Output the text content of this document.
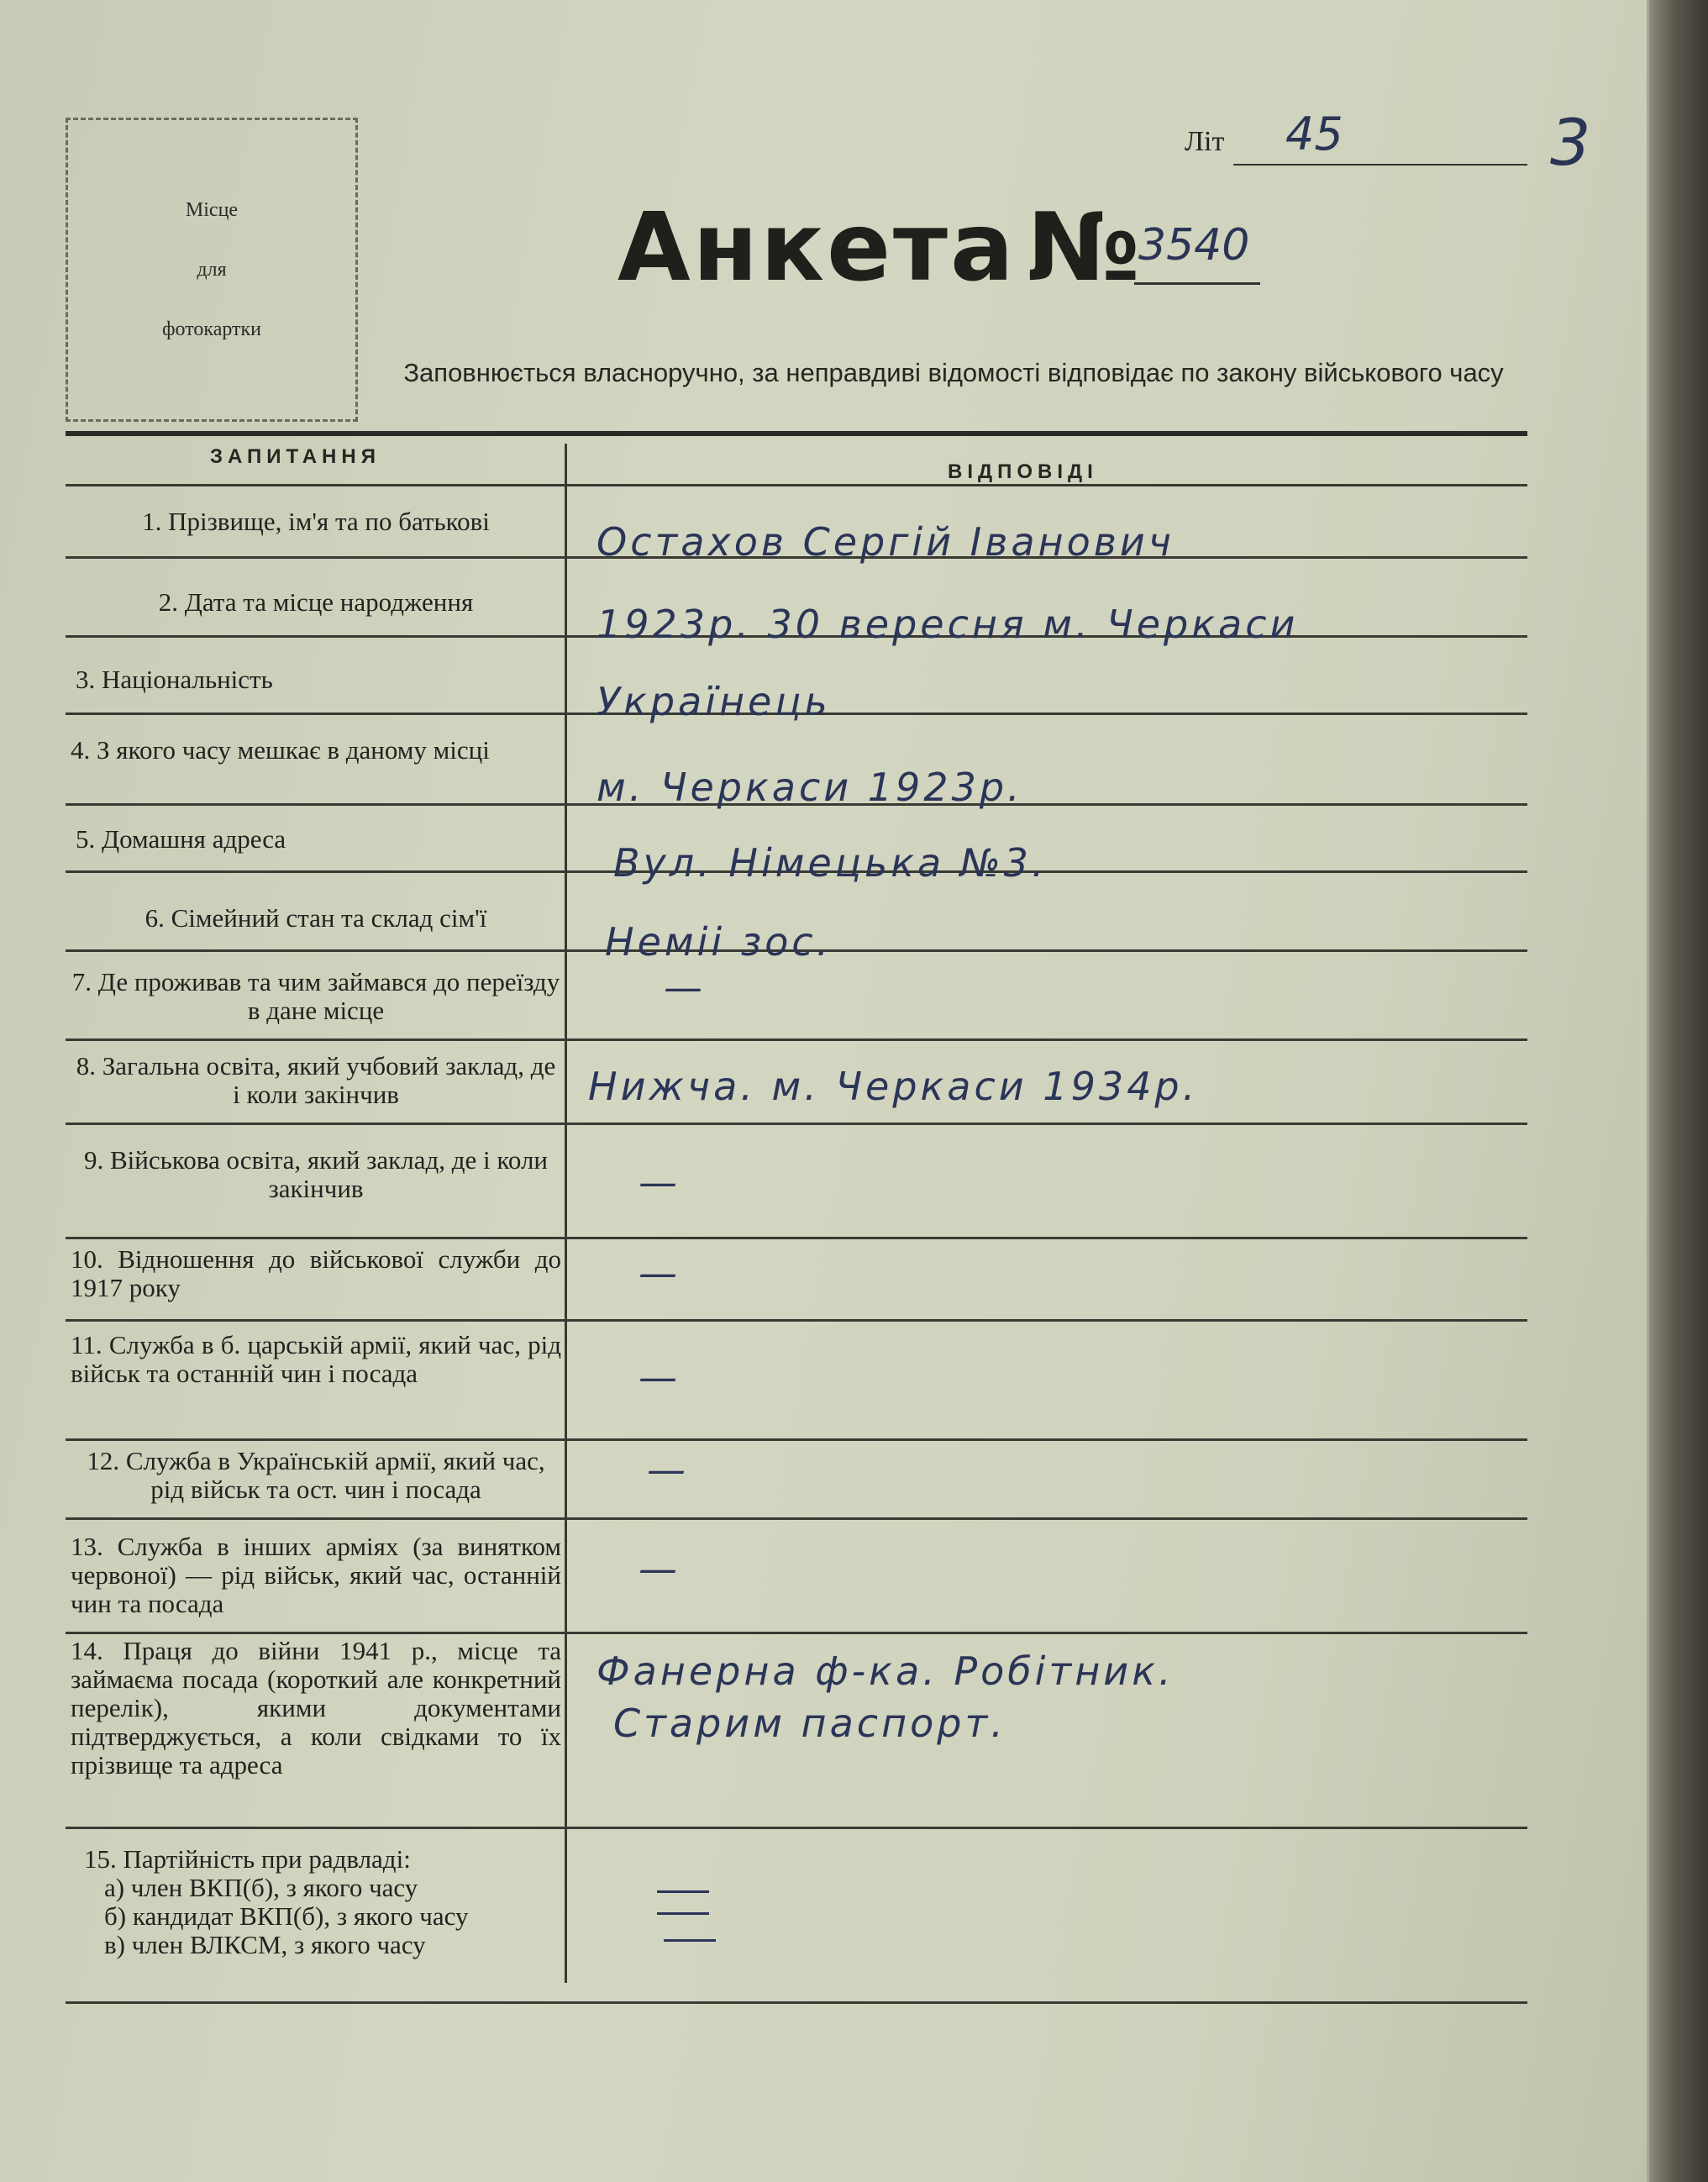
Місце
для
фотокартки
Літ 45	3
Анкета №
3540
Заповнюється власноручно, за неправдиві відомості відповідає по закону військового часу
ЗАПИТАННЯ
ВІДПОВІДІ
1. Прізвище, ім'я та по батькові
2. Дата та місце народження
3. Національність
4. З якого часу мешкає в даному місці
5. Домашня адреса
6. Сімейний стан та склад сім'ї
7. Де проживав та чим займався до переїзду в дане місце
8. Загальна освіта, який учбовий заклад, де і коли закінчив
9. Військова освіта, який заклад, де і коли закінчив
10. Відношення до військової служби до 1917 року
11. Служба в б. царській армії, який час, рід військ та останній чин і посада
12. Служба в Українській армії, який час, рід військ та ост. чин і посада
13. Служба в інших арміях (за винятком червоної) — рід військ, який час, останній чин та посада
14. Праця до війни 1941 р., місце та займаєма посада (короткий але конкретний перелік), якими документами підтверджується, а коли свідками то їх прізвище та адреса
15. Партійність при радвладі:
а) член ВКП(б), з якого часу
б) кандидат ВКП(б), з якого часу
в) член ВЛКСМ, з якого часу
Остахов Сергій Іванович
1923р. 30 вересня м. Черкаси
Українець
м. Черкаси 1923р.
Вул. Німецька №3.
Неміі зос.
—
Нижча. м. Черкаси 1934р.
—
—
—
—
—
Фанерна ф-ка. Робітник.
Старим паспорт.
